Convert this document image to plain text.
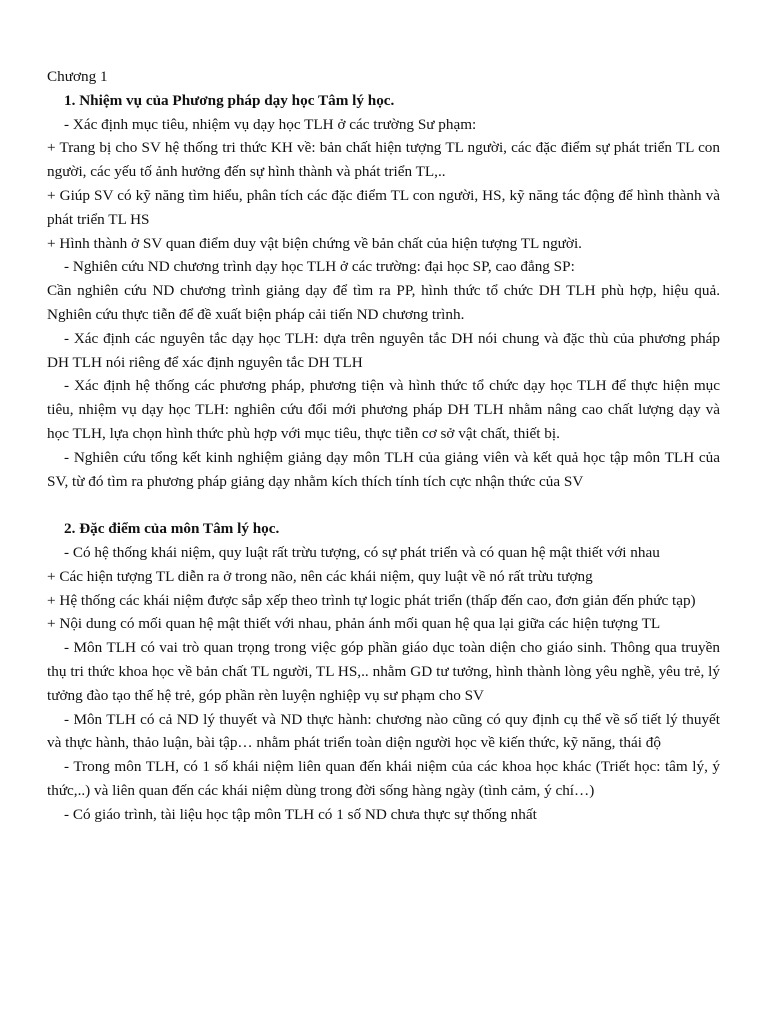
Chương 1

1. Nhiệm vụ của Phương pháp dạy học Tâm lý học.

- Xác định mục tiêu, nhiệm vụ dạy học TLH ở các trường Sư phạm:

+ Trang bị cho SV hệ thống tri thức KH về: bản chất hiện tượng TL người, các đặc điểm sự phát triển TL con người, các yếu tố ảnh hưởng đến sự hình thành và phát triển TL,..

+ Giúp SV có kỹ năng tìm hiểu, phân tích các đặc điểm TL con người, HS, kỹ năng tác động để hình thành và phát triển TL HS

+ Hình thành ở SV quan điểm duy vật biện chứng về bản chất của hiện tượng TL người.

- Nghiên cứu ND chương trình dạy học TLH ở các trường: đại học SP, cao đẳng SP:

Cần nghiên cứu ND chương trình giảng dạy để tìm ra PP, hình thức tổ chức DH TLH phù hợp, hiệu quả. Nghiên cứu thực tiễn để đề xuất biện pháp cải tiến ND chương trình.

- Xác định các nguyên tắc dạy học TLH: dựa trên nguyên tắc DH nói chung và đặc thù của phương pháp DH TLH nói riêng để xác định nguyên tắc DH TLH

- Xác định hệ thống các phương pháp, phương tiện và hình thức tổ chức dạy học TLH để thực hiện mục tiêu, nhiệm vụ dạy học TLH: nghiên cứu đổi mới phương pháp DH TLH nhằm nâng cao chất lượng dạy và học TLH, lựa chọn hình thức phù hợp với mục tiêu, thực tiễn cơ sở vật chất, thiết bị.

- Nghiên cứu tổng kết kinh nghiệm giảng dạy môn TLH của giảng viên và kết quả học tập môn TLH của SV, từ đó tìm ra phương pháp giảng dạy nhằm kích thích tính tích cực nhận thức của SV

2. Đặc điểm của môn Tâm lý học.

- Có hệ thống khái niệm, quy luật rất trừu tượng, có sự phát triển và có quan hệ mật thiết với nhau

+ Các hiện tượng TL diễn ra ở trong não, nên các khái niệm, quy luật về nó rất trừu tượng

+ Hệ thống các khái niệm được sắp xếp theo trình tự logic phát triển (thấp đến cao, đơn giản đến phức tạp)

+ Nội dung có mối quan hệ mật thiết với nhau, phản ánh mối quan hệ qua lại giữa các hiện tượng TL

- Môn TLH có vai trò quan trọng trong việc góp phần giáo dục toàn diện cho giáo sinh. Thông qua truyền thụ tri thức khoa học về bản chất TL người, TL HS,.. nhằm GD tư tưởng, hình thành lòng yêu nghề, yêu trẻ, lý tưởng đào tạo thế hệ trẻ, góp phần rèn luyện nghiệp vụ sư phạm cho SV

- Môn TLH có cả ND lý thuyết và ND thực hành: chương nào cũng có quy định cụ thể về số tiết lý thuyết và thực hành, thảo luận, bài tập… nhằm phát triển toàn diện người học về kiến thức, kỹ năng, thái độ

- Trong môn TLH, có 1 số khái niệm liên quan đến khái niệm của các khoa học khác (Triết học: tâm lý, ý thức,..) và liên quan đến các khái niệm dùng trong đời sống hàng ngày (tình cảm, ý chí…)

- Có giáo trình, tài liệu học tập môn TLH có 1 số ND chưa thực sự thống nhất
